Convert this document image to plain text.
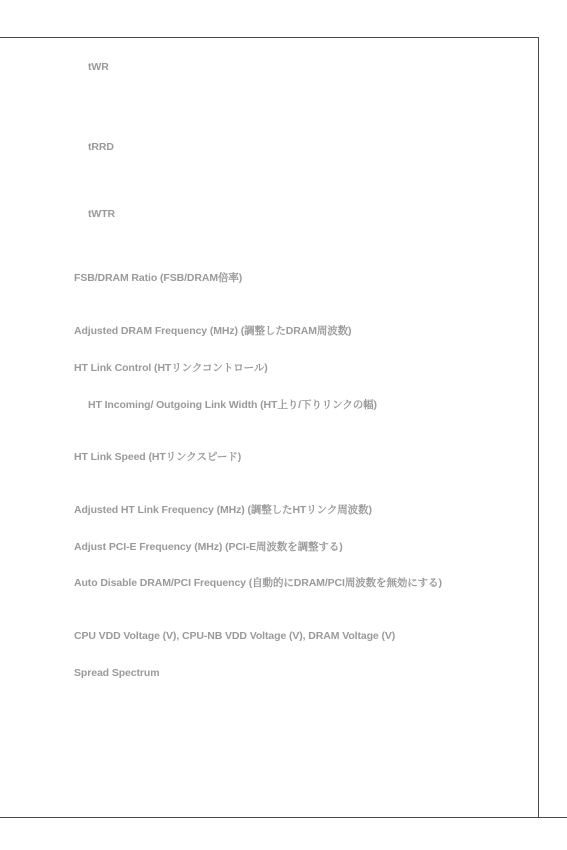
tWR
tRRD
tWTR
FSB/DRAM Ratio (FSB/DRAM倍率)
Adjusted DRAM Frequency (MHz) (調整したDRAM周波数)
HT Link Control (HTリンクコントロール)
HT Incoming/ Outgoing Link Width (HT上り/下りリンクの幅)
HT Link Speed (HTリンクスピード)
Adjusted HT Link Frequency (MHz) (調整したHTリンク周波数)
Adjust PCI-E Frequency (MHz) (PCI-E周波数を調整する)
Auto Disable DRAM/PCI Frequency (自動的にDRAM/PCI周波数を無効にする)
CPU VDD Voltage (V), CPU-NB VDD Voltage (V), DRAM Voltage (V)
Spread Spectrum
